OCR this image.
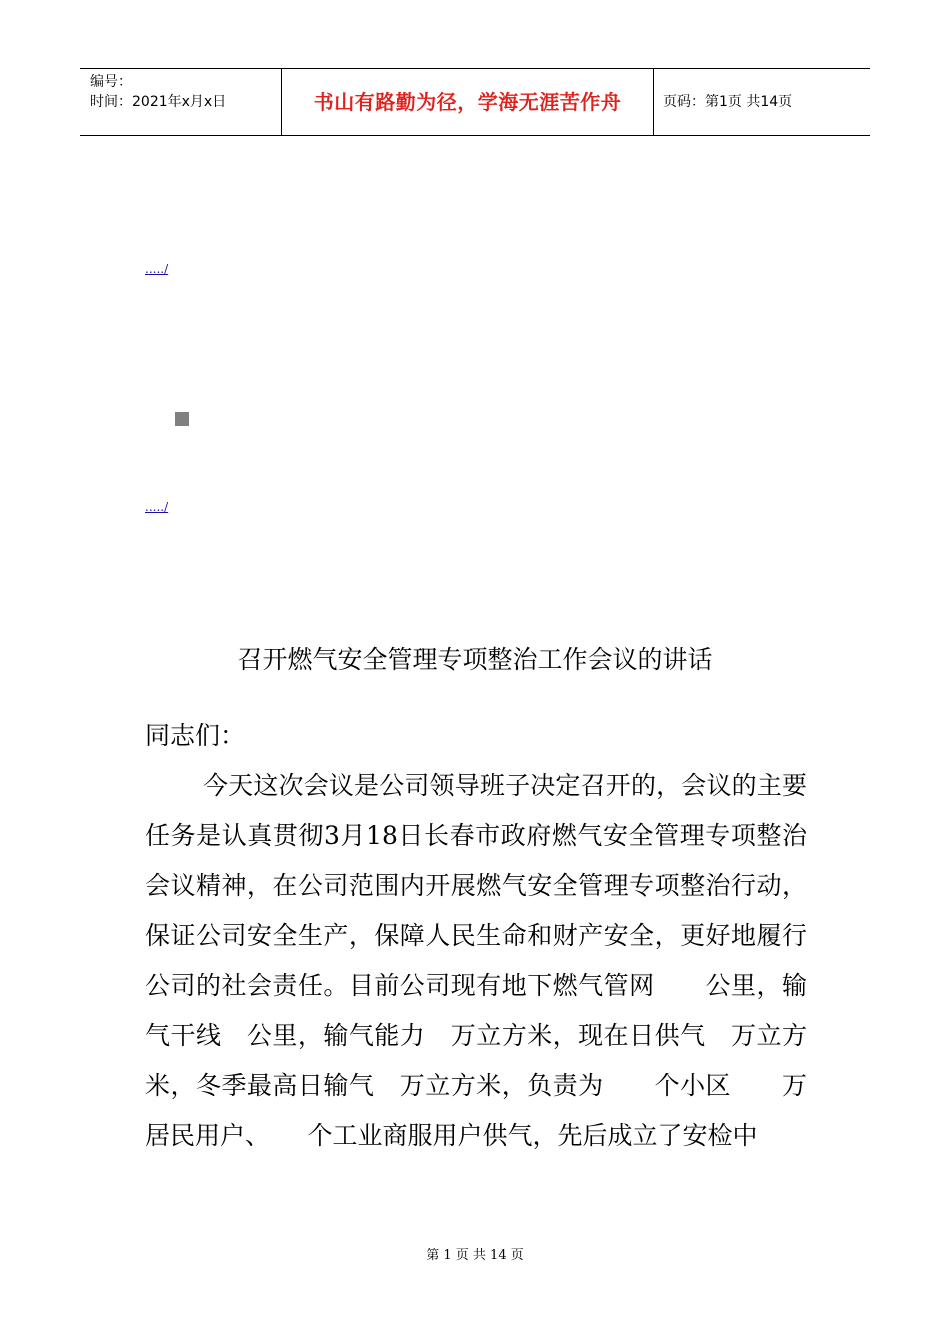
编号：
时间：2021年x月x日	书山有路勤为径，学海无涯苦作舟	页码：第1页 共14页
...../
...../
召开燃气安全管理专项整治工作会议的讲话
同志们：
今天这次会议是公司领导班子决定召开的，会议的主要任务是认真贯彻3月18日长春市政府燃气安全管理专项整治会议精神，在公司范围内开展燃气安全管理专项整治行动，保证公司安全生产，保障人民生命和财产安全，更好地履行公司的社会责任。目前公司现有地下燃气管网　　公里，输气干线　公里，输气能力　万立方米，现在日供气　万立方米，冬季最高日输气　万立方米，负责为　　个小区　　万居民用户、　　个工业商服用户供气，先后成立了安检中
第 1 页 共 14 页
